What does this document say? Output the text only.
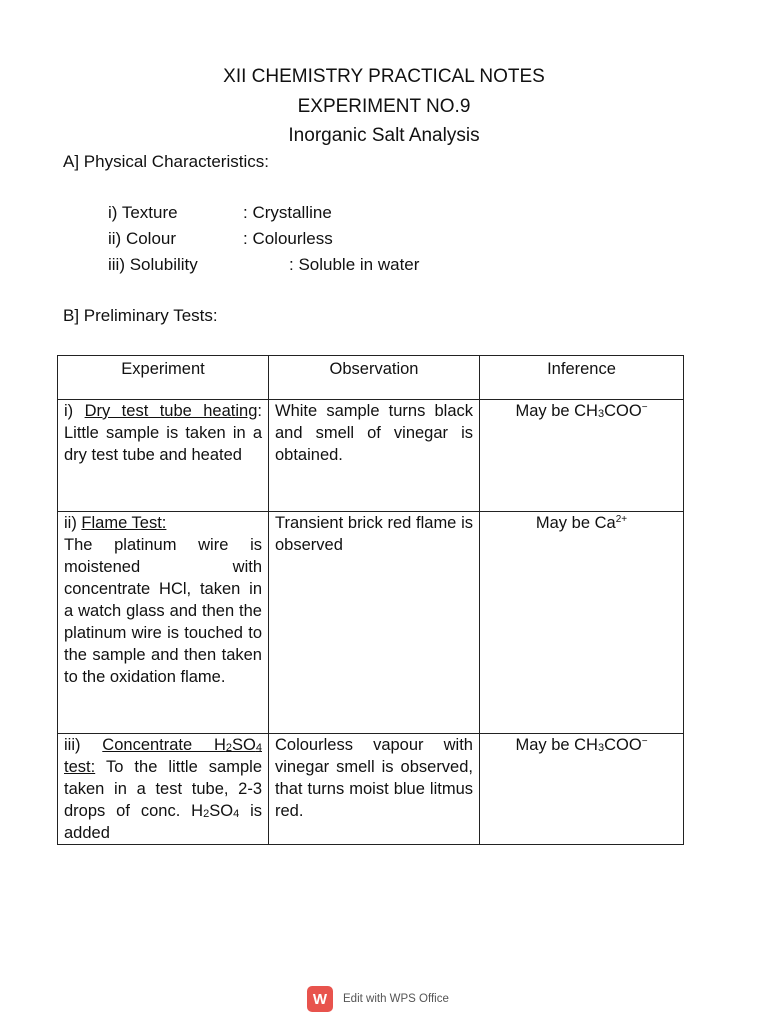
XII CHEMISTRY PRACTICAL NOTES
EXPERIMENT NO.9
Inorganic Salt Analysis
A] Physical Characteristics:
i) Texture	: Crystalline
ii) Colour	: Colourless
iii) Solubility	: Soluble in water
B] Preliminary Tests:
Experiment	Observation	Inference
i) Dry test tube heating: Little sample is taken in a dry test tube and heated	White sample turns black and smell of vinegar is obtained.	May be $CH_3COO^-$
ii) Flame Test:
The platinum wire is moistened with concentrate HCl, taken in a watch glass and then the platinum wire is touched to the sample and then taken to the oxidation flame.	Transient brick red flame is observed	May be $Ca^{2+}$
iii) Concentrate $H_2SO_4$ test: To the little sample taken in a test tube, 2-3 drops of conc. $H_2SO_4$ is added	Colourless vapour with vinegar smell is observed, that turns moist blue litmus red.	May be $CH_3COO^-$
W	Edit with WPS Office
